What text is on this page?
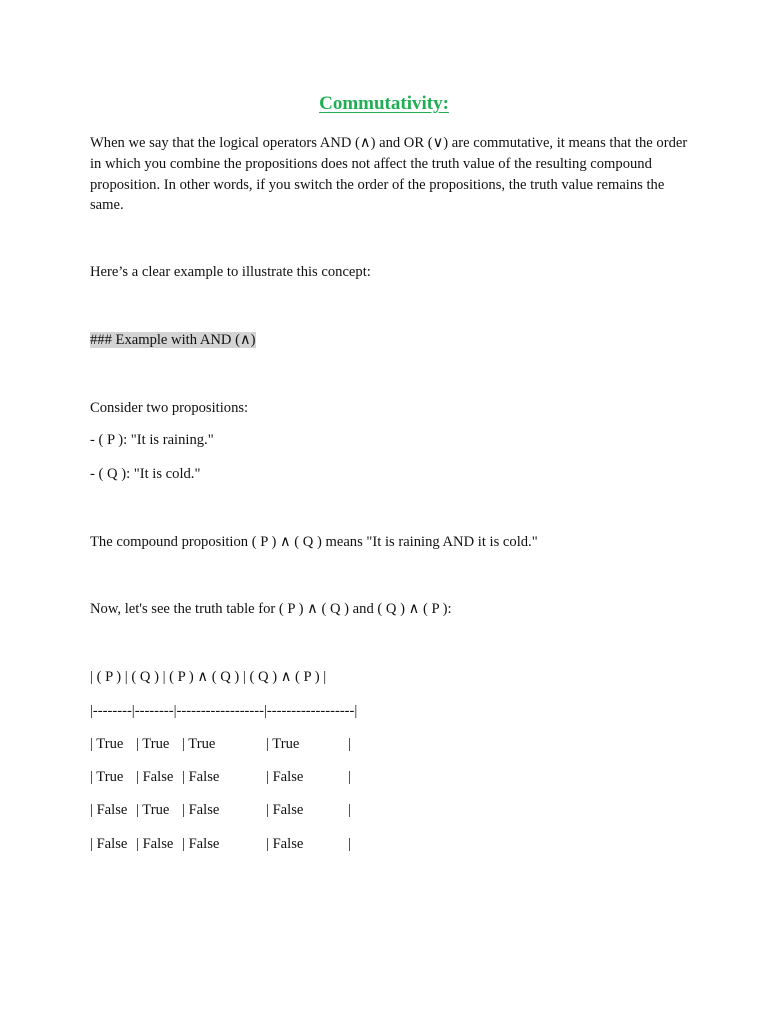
Commutativity:

When we say that the logical operators AND (∧) and OR (∨) are commutative, it means that the order in which you combine the propositions does not affect the truth value of the resulting compound proposition. In other words, if you switch the order of the propositions, the truth value remains the same.

Here’s a clear example to illustrate this concept:

### Example with AND (∧)

Consider two propositions:

- ( P ): "It is raining."

- ( Q ): "It is cold."

The compound proposition ( P ) ∧ ( Q ) means "It is raining AND it is cold."

Now, let's see the truth table for ( P ) ∧ ( Q ) and ( Q ) ∧ ( P ):

| ( P ) | ( Q ) | ( P ) ∧ ( Q ) | ( Q ) ∧ ( P ) |

|--------|--------|------------------|------------------|

| True | True | True	| True	|
| True | False | False	| False	|
| False | True | False	| False	|
| False | False | False	| False	|
